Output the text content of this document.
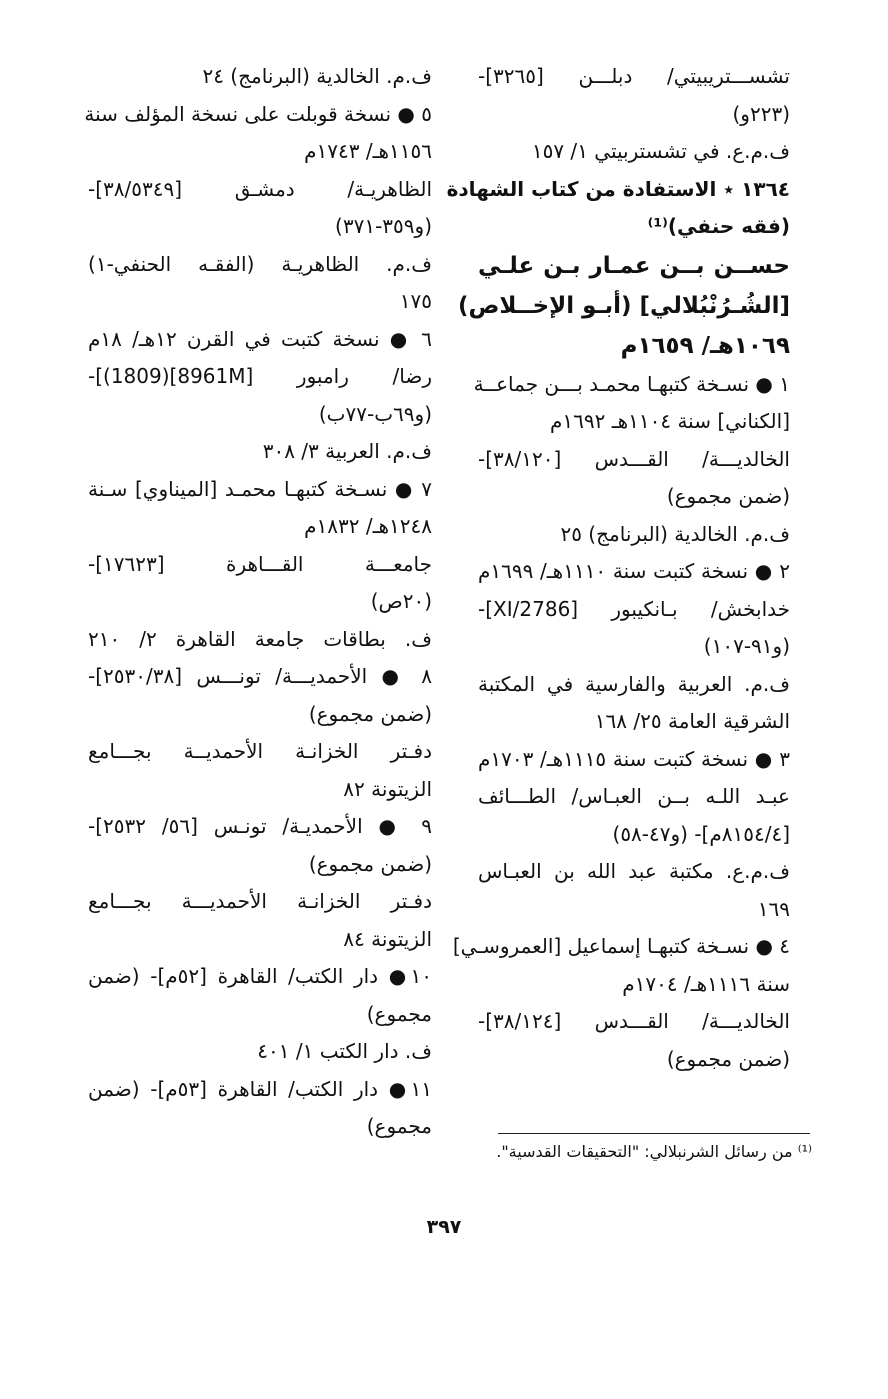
تشســـتريبيتي/ دبلـــن [٣٢٦٥]-
(٢٢٣و)
ف.م.ع. في تشستربيتي ١/ ١٥٧
١٣٦٤ ٭ الاستفادة من كتاب الشهادة
(فقه حنفي)⁽¹⁾
حســن بــن عمـار بـن علـي
[الشُـرُنْبُلالي] (أبـو الإخــلاص)
١٠٦٩هـ/ ١٦٥٩م
١ ● نسـخة كتبهـا محمـد بـــن جماعــة
[الكناني] سنة ١١٠٤هـ ١٦٩٢م
الخالديـــة/ القـــدس [٣٨/١٢٠]-
(ضمن مجموع)
ف.م. الخالدية (البرنامج) ٢٥
٢ ● نسخة كتبت سنة ١١١٠هـ/ ١٦٩٩م
خدابخش/ بـانكيبور [2786/XI]-
(و٩١-١٠٧)
ف.م. العربية والفارسية في المكتبة
الشرقية العامة ٢٥/ ١٦٨
٣ ● نسخة كتبت سنة ١١١٥هـ/ ١٧٠٣م
عبـد اللـه بــن العبـاس/ الطـــائف
[٨١٥٤/٤م]- (و٤٧-٥٨)
ف.م.ع. مكتبة عبد الله بن العبـاس
١٦٩
٤ ● نسـخة كتبهـا إسماعيل [العمروسـي]
سنة ١١١٦هـ/ ١٧٠٤م
الخالديـــة/ القـــدس [٣٨/١٢٤]-
(ضمن مجموع)
ف.م. الخالدية (البرنامج) ٢٤
٥ ● نسخة قوبلت على نسخة المؤلف سنة
١١٥٦هـ/ ١٧٤٣م
الظاهريـة/ دمشـق [٣٨/٥٣٤٩]-
(و٣٥٩-٣٧١)
ف.م. الظاهريـة (الفقـه الحنفي-١)
١٧٥
٦ ● نسخة كتبت في القرن ١٢هـ/ ١٨م
رضا/ رامبور [8961M](1809)]-
(و٦٩ب-٧٧ب)
ف.م. العربية ٣/ ٣٠٨
٧ ● نسـخة كتبهـا محمـد [الميناوي] سـنة
١٢٤٨هـ/ ١٨٣٢م
جامعـــة القـــاهرة [١٧٦٢٣]-
(٢٠ص)
ف. بطاقات جامعة القاهرة ٢/ ٢١٠
٨ ● الأحمديـــة/ تونـــس [٢٥٣٠/٣٨]-
(ضمن مجموع)
دفـتر الخزانـة الأحمديــة بجـــامع
الزيتونة ٨٢
٩ ● الأحمديـة/ تونـس [٥٦/ ٢٥٣٢]-
(ضمن مجموع)
دفـتر الخزانـة الأحمديـــة بجـــامع
الزيتونة ٨٤
١٠● دار الكتب/ القاهرة [٥٢م]- (ضمن
مجموع)
ف. دار الكتب ١/ ٤٠١
١١● دار الكتب/ القاهرة [٥٣م]- (ضمن
مجموع)
⁽¹⁾ من رسائل الشرنبلالي: "التحقيقات القدسية".
٣٩٧
